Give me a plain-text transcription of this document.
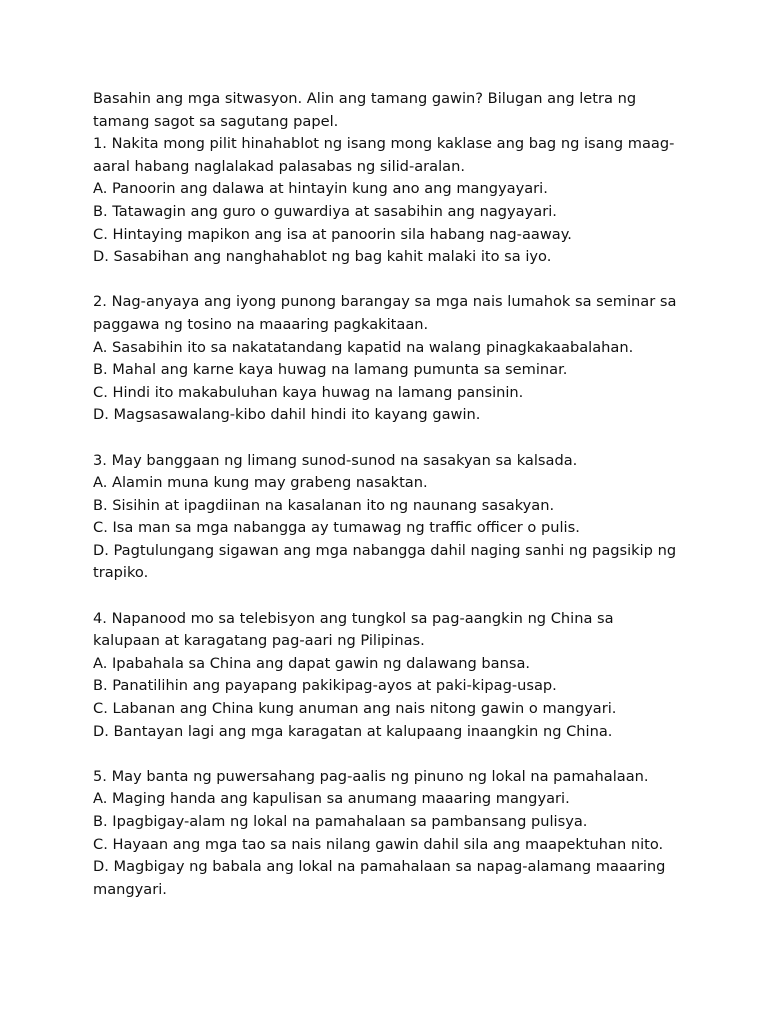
Basahin ang mga sitwasyon. Alin ang tamang gawin? Bilugan ang letra ng
tamang sagot sa sagutang papel.
1. Nakita mong pilit hinahablot ng isang mong kaklase ang bag ng isang maag-
aaral habang naglalakad palasabas ng silid-aralan.
A. Panoorin ang dalawa at hintayin kung ano ang mangyayari.
B. Tatawagin ang guro o guwardiya at sasabihin ang nagyayari.
C. Hintaying mapikon ang isa at panoorin sila habang nag-aaway.
D. Sasabihan ang nanghahablot ng bag kahit malaki ito sa iyo.
2. Nag-anyaya ang iyong punong barangay sa mga nais lumahok sa seminar sa
paggawa ng tosino na maaaring pagkakitaan.
A. Sasabihin ito sa nakatatandang kapatid na walang pinagkakaabalahan.
B. Mahal ang karne kaya huwag na lamang pumunta sa seminar.
C. Hindi ito makabuluhan kaya huwag na lamang pansinin.
D. Magsasawalang-kibo dahil hindi ito kayang gawin.
3. May banggaan ng limang sunod-sunod na sasakyan sa kalsada.
A. Alamin muna kung may grabeng nasaktan.
B. Sisihin at ipagdiinan na kasalanan ito ng naunang sasakyan.
C. Isa man sa mga nabangga ay tumawag ng traffic officer o pulis.
D. Pagtulungang sigawan ang mga nabangga dahil naging sanhi ng pagsikip ng
trapiko.
4. Napanood mo sa telebisyon ang tungkol sa pag-aangkin ng China sa
kalupaan at karagatang pag-aari ng Pilipinas.
A. Ipabahala sa China ang dapat gawin ng dalawang bansa.
B. Panatilihin ang payapang pakikipag-ayos at paki-kipag-usap.
C. Labanan ang China kung anuman ang nais nitong gawin o mangyari.
D. Bantayan lagi ang mga karagatan at kalupaang inaangkin ng China.
5. May banta ng puwersahang pag-aalis ng pinuno ng lokal na pamahalaan.
A. Maging handa ang kapulisan sa anumang maaaring mangyari.
B. Ipagbigay-alam ng lokal na pamahalaan sa pambansang pulisya.
C. Hayaan ang mga tao sa nais nilang gawin dahil sila ang maapektuhan nito.
D. Magbigay ng babala ang lokal na pamahalaan sa napag-alamang maaaring
mangyari.
